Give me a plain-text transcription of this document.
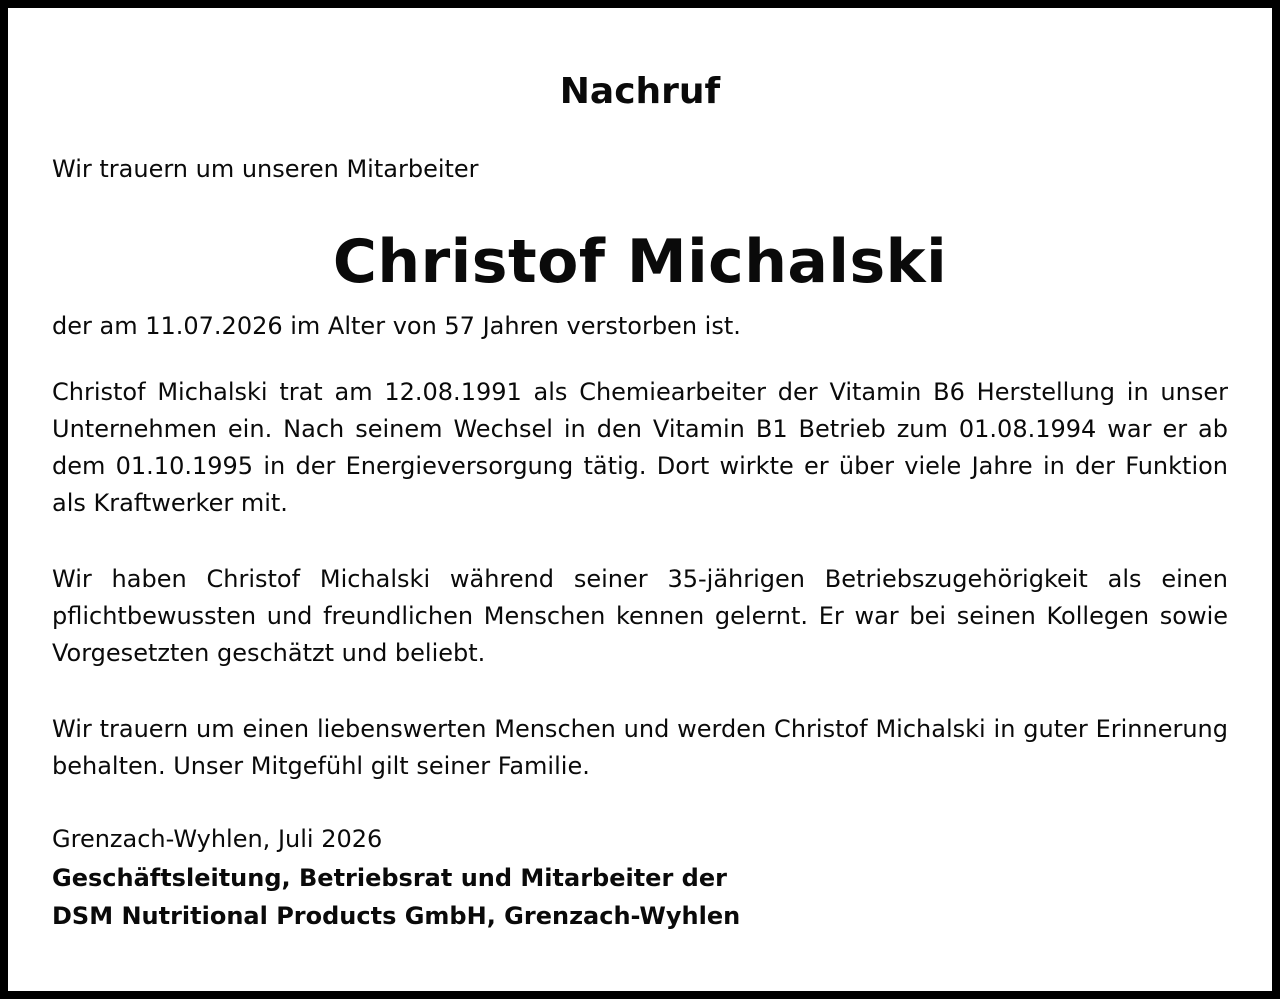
Nachruf
Wir trauern um unseren Mitarbeiter
Christof Michalski
der am 11.07.2026 im Alter von 57 Jahren verstorben ist.
Christof Michalski trat am 12.08.1991 als Chemiearbeiter der Vitamin B6 Herstellung in unser Unternehmen ein. Nach seinem Wechsel in den Vitamin B1 Betrieb zum 01.08.1994 war er ab dem 01.10.1995 in der Energieversorgung tätig. Dort wirkte er über viele Jahre in der Funktion als Kraftwerker mit.
Wir haben Christof Michalski während seiner 35-jährigen Betriebszugehörigkeit als einen pflichtbewussten und freundlichen Menschen kennen gelernt. Er war bei seinen Kollegen sowie Vorgesetzten geschätzt und beliebt.
Wir trauern um einen liebenswerten Menschen und werden Christof Michalski in guter Erinnerung behalten. Unser Mitgefühl gilt seiner Familie.
Grenzach-Wyhlen, Juli 2026
Geschäftsleitung, Betriebsrat und Mitarbeiter der
DSM Nutritional Products GmbH, Grenzach-Wyhlen
